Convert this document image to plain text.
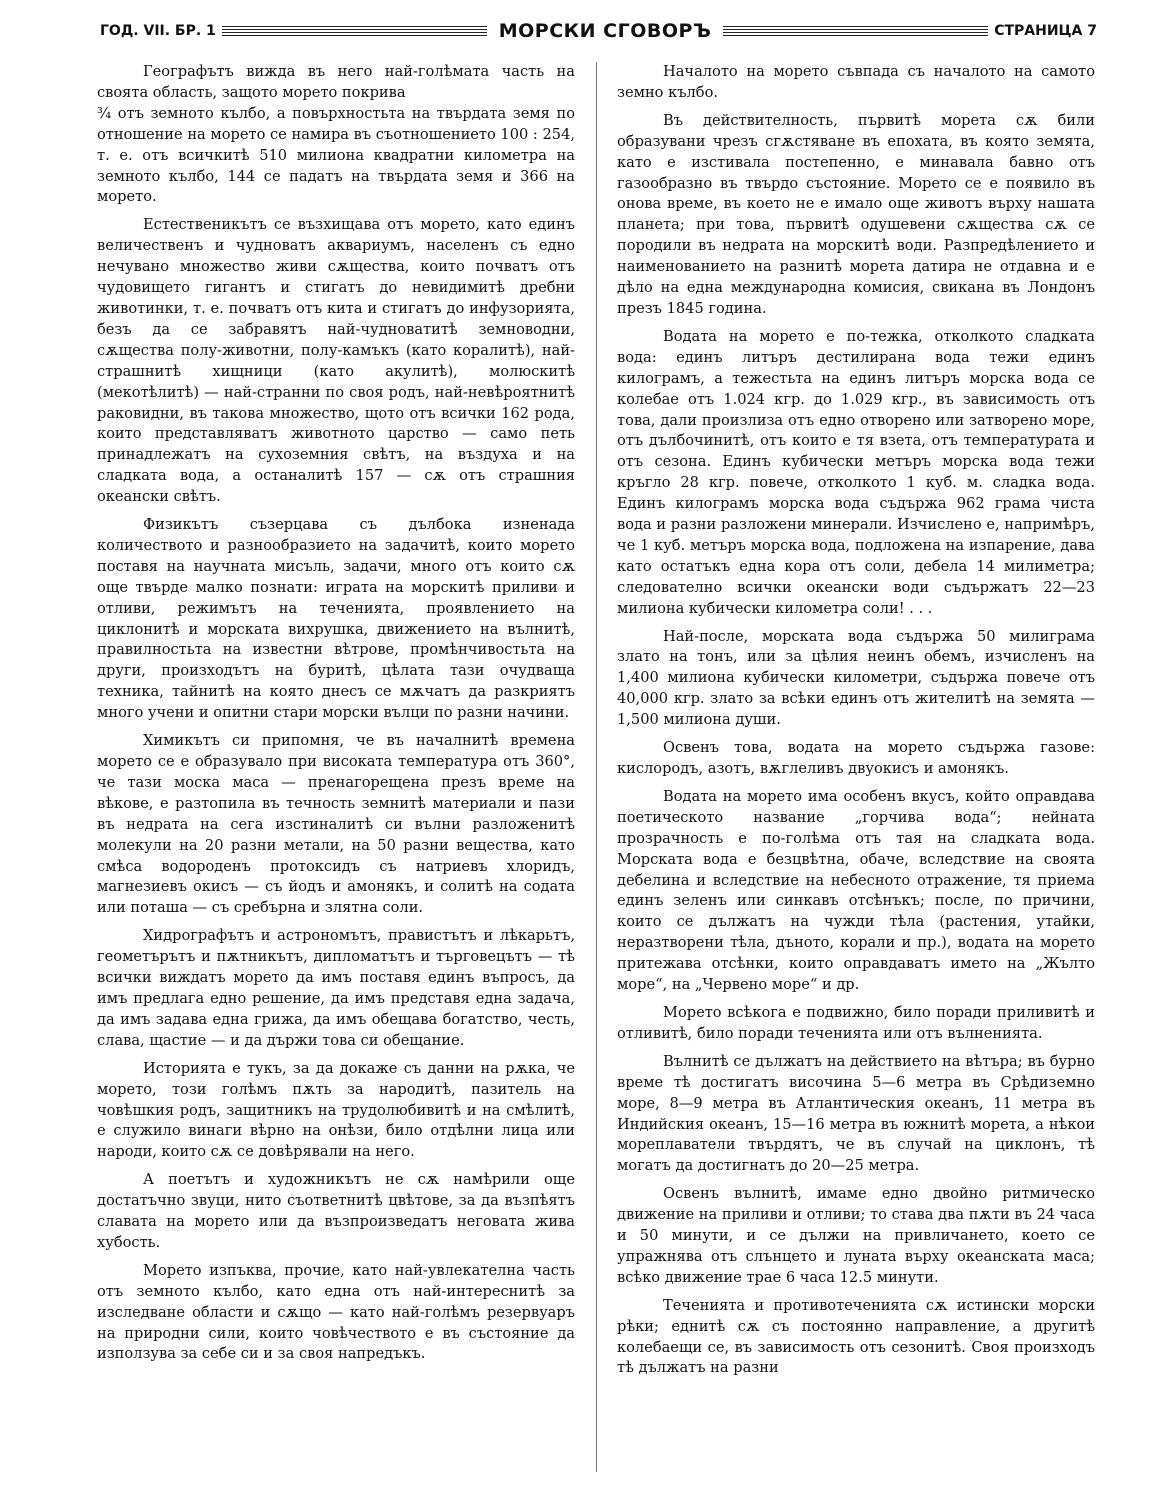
ГОД. VII. БР. 1	МОРСКИ СГОВОРЪ	СТРАНИЦА 7

Географътъ вижда въ него най-голѣмата часть на своята область, защото морето покрива

¾ отъ земното кълбо, а повърхностьта на твърдата земя по отношение на морето се намира въ съотношението 100 : 254, т. е. отъ всичкитѣ 510 милиона квадратни километра на земното кълбо, 144 се падатъ на твърдата земя и 366 на морето.

Естественикътъ се възхищава отъ морето, като единъ величественъ и чудноватъ аквариумъ, населенъ съ едно нечувано множество живи сѫщества, които почватъ отъ чудовището гигантъ и стигатъ до невидимитѣ дребни животинки, т. е. почватъ отъ кита и стигатъ до инфузорията, безъ да се забравятъ най-чудноватитѣ земноводни, сѫщества полу-животни, полу-камъкъ (като коралитѣ), най-страшнитѣ хищници (като акулитѣ), молюскитѣ (мекотѣлитѣ) — най-странни по своя родъ, най-невѣроятнитѣ раковидни, въ такова множество, щото отъ всички 162 рода, които представляватъ животното царство — само петь принадлежатъ на сухоземния свѣтъ, на въздуха и на сладката вода, а останалитѣ 157 — сѫ отъ страшния океански свѣтъ.

Физикътъ съзерцава съ дълбока изненада количеството и разнообразието на задачитѣ, които морето поставя на научната мисъль, задачи, много отъ които сѫ още твърде малко познати: играта на морскитѣ приливи и отливи, режимътъ на теченията, проявлението на циклонитѣ и морската вихрушка, движението на вълнитѣ, правилностьта на известни вѣтрове, промѣнчивостьта на други, произходътъ на буритѣ, цѣлата тази очудваща техника, тайнитѣ на която днесъ се мѫчатъ да разкриятъ много учени и опитни стари морски вълци по разни начини.

Химикътъ си припомня, че въ началнитѣ времена морето се е образувало при високата температура отъ 360°, че тази моска маса — пренагорещена презъ време на вѣкове, е разтопила въ течность земнитѣ материали и пази въ недрата на сега изстиналитѣ си вълни разложенитѣ молекули на 20 разни метали, на 50 разни вещества, като смѣса водороденъ протоксидъ съ натриевъ хлоридъ, магнезиевъ окисъ — съ йодъ и амонякъ, и солитѣ на содата или поташа — съ сребърна и злятна соли.

Хидрографътъ и астрономътъ, правистътъ и лѣкарьтъ, геометърътъ и пѫтникътъ, дипломатътъ и търговецътъ — тѣ всички виждатъ морето да имъ поставя единъ въпросъ, да имъ предлага едно решение, да имъ представя една задача, да имъ задава една грижа, да имъ обещава богатство, честь, слава, щастие — и да държи това си обещание.

Историята е тукъ, за да докаже съ данни на рѫка, че морето, този голѣмъ пѫть за народитѣ, пазитель на човѣшкия родъ, защитникъ на трудолюбивитѣ и на смѣлитѣ, е служило винаги вѣрно на онѣзи, било отдѣлни лица или народи, които сѫ се довѣрявали на него.

А поетътъ и художникътъ не сѫ намѣрили още достатъчно звуци, нито съответнитѣ цвѣтове, за да възпѣятъ славата на морето или да възпроизведатъ неговата жива хубость.

Морето изпъква, прочие, като най-увлекателна часть отъ земното кълбо, като една отъ най-интереснитѣ за изследване области и сѫщо — като най-голѣмъ резервуаръ на природни сили, които човѣчеството е въ състояние да използува за себе си и за своя напредъкъ.

Началото на морето съвпада съ началото на самото земно кълбо.

Въ действителность, първитѣ морета сѫ били образувани чрезъ сгѫстяване въ епохата, въ която земята, като е изстивала постепенно, е минавала бавно отъ газообразно въ твърдо състояние. Морето се е появило въ онова време, въ което не е имало още животъ върху нашата планета; при това, първитѣ одушевени сѫщества сѫ се породили въ недрата на морскитѣ води. Разпредѣлението и наименованието на разнитѣ морета датира не отдавна и е дѣло на една международна комисия, свикана въ Лондонъ презъ 1845 година.

Водата на морето е по-тежка, отколкото сладката вода: единъ литъръ дестилирана вода тежи единъ килограмъ, а тежестьта на единъ литъръ морска вода се колебае отъ 1.024 кгр. до 1.029 кгр., въ зависимость отъ това, дали произлиза отъ едно отворено или затворено море, отъ дълбочинитѣ, отъ които е тя взета, отъ температурата и отъ сезона. Единъ кубически метъръ морска вода тежи кръгло 28 кгр. повече, отколкото 1 куб. м. сладка вода. Единъ килограмъ морска вода съдържа 962 грама чиста вода и разни разложени минерали. Изчислено е, напримѣръ, че 1 куб. метъръ морска вода, подложена на изпарение, дава като остатъкъ една кора отъ соли, дебела 14 милиметра; следователно всички океански води съдържатъ 22—23 милиона кубически километра соли! . . .

Най-после, морската вода съдържа 50 милиграма злато на тонъ, или за цѣлия неинъ обемъ, изчисленъ на 1,400 милиона кубически километри, съдържа повече отъ 40,000 кгр. злато за всѣки единъ отъ жителитѣ на земята — 1,500 милиона души.

Освенъ това, водата на морето съдържа газове: кислородъ, азотъ, вѫглеливъ двуокисъ и амонякъ.

Водата на морето има особенъ вкусъ, който оправдава поетическото название „горчива вода“; нейната прозрачность е по-голѣма отъ тая на сладката вода. Морската вода е безцвѣтна, обаче, вследствие на своята дебелина и вследствие на небесното отражение, тя приема единъ зеленъ или синкавъ отсѣнъкъ; после, по причини, които се дължатъ на чужди тѣла (растения, утайки, неразтворени тѣла, дъното, корали и пр.), водата на морето притежава отсѣнки, които оправдаватъ името на „Жълто море“, на „Червено море“ и др.

Морето всѣкога е подвижно, било поради приливитѣ и отливитѣ, било поради теченията или отъ вълненията.

Вълнитѣ се дължатъ на действието на вѣтъра; въ бурно време тѣ достигатъ височина 5—6 метра въ Срѣдиземно море, 8—9 метра въ Атлантическия океанъ, 11 метра въ Индийския океанъ, 15—16 метра въ южнитѣ морета, а нѣкои мореплаватели твърдятъ, че въ случай на циклонъ, тѣ могатъ да достигнатъ до 20—25 метра.

Освенъ вълнитѣ, имаме едно двойно ритмическо движение на приливи и отливи; то става два пѫти въ 24 часа и 50 минути, и се дължи на привличането, което се упражнява отъ слънцето и луната върху океанската маса; всѣко движение трае 6 часа 12.5 минути.

Теченията и противотеченията сѫ истински морски рѣки; еднитѣ сѫ съ постоянно направление, а другитѣ колебаещи се, въ зависимость отъ сезонитѣ. Своя произходъ тѣ дължатъ на разни
